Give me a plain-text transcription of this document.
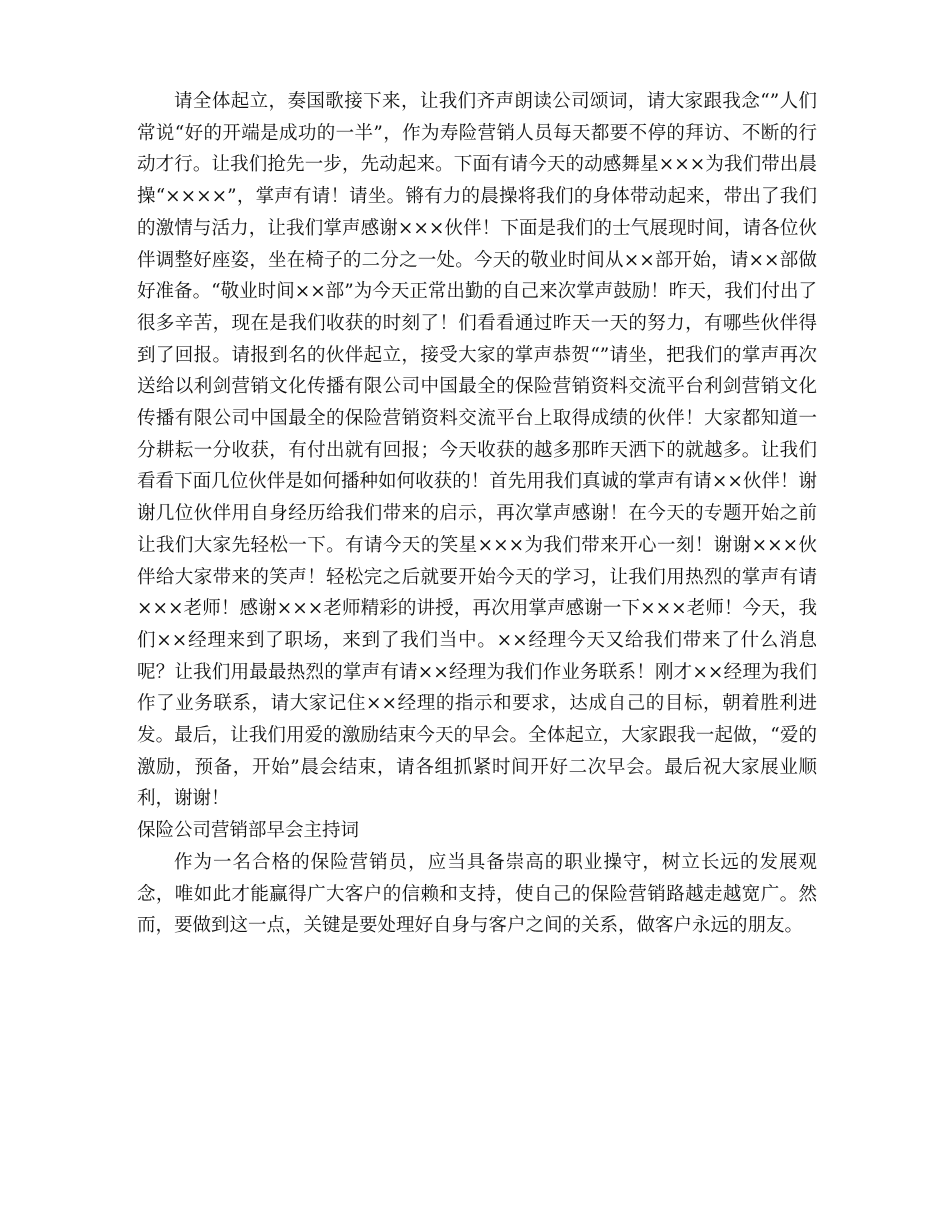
请全体起立，奏国歌接下来，让我们齐声朗读公司颂词，请大家跟我念“”人们常说“好的开端是成功的一半”，作为寿险营销人员每天都要不停的拜访、不断的行动才行。让我们抢先一步，先动起来。下面有请今天的动感舞星×××为我们带出晨操“××××”，掌声有请！请坐。锵有力的晨操将我们的身体带动起来，带出了我们的激情与活力，让我们掌声感谢×××伙伴！下面是我们的士气展现时间，请各位伙伴调整好座姿，坐在椅子的二分之一处。今天的敬业时间从××部开始，请××部做好准备。“敬业时间××部”为今天正常出勤的自己来次掌声鼓励！昨天，我们付出了很多辛苦，现在是我们收获的时刻了！们看看通过昨天一天的努力，有哪些伙伴得到了回报。请报到名的伙伴起立，接受大家的掌声恭贺“”请坐，把我们的掌声再次送给以利剑营销文化传播有限公司中国最全的保险营销资料交流平台利剑营销文化传播有限公司中国最全的保险营销资料交流平台上取得成绩的伙伴！大家都知道一分耕耘一分收获，有付出就有回报；今天收获的越多那昨天洒下的就越多。让我们看看下面几位伙伴是如何播种如何收获的！首先用我们真诚的掌声有请××伙伴！谢谢几位伙伴用自身经历给我们带来的启示，再次掌声感谢！在今天的专题开始之前让我们大家先轻松一下。有请今天的笑星×××为我们带来开心一刻！谢谢×××伙伴给大家带来的笑声！轻松完之后就要开始今天的学习，让我们用热烈的掌声有请×××老师！感谢×××老师精彩的讲授，再次用掌声感谢一下×××老师！今天，我们××经理来到了职场，来到了我们当中。××经理今天又给我们带来了什么消息呢？让我们用最最热烈的掌声有请××经理为我们作业务联系！刚才××经理为我们作了业务联系，请大家记住××经理的指示和要求，达成自己的目标，朝着胜利进发。最后，让我们用爱的激励结束今天的早会。全体起立，大家跟我一起做，“爱的激励，预备，开始”晨会结束，请各组抓紧时间开好二次早会。最后祝大家展业顺利，谢谢！

保险公司营销部早会主持词

作为一名合格的保险营销员，应当具备崇高的职业操守，树立长远的发展观念，唯如此才能赢得广大客户的信赖和支持，使自己的保险营销路越走越宽广。然而，要做到这一点，关键是要处理好自身与客户之间的关系，做客户永远的朋友。
